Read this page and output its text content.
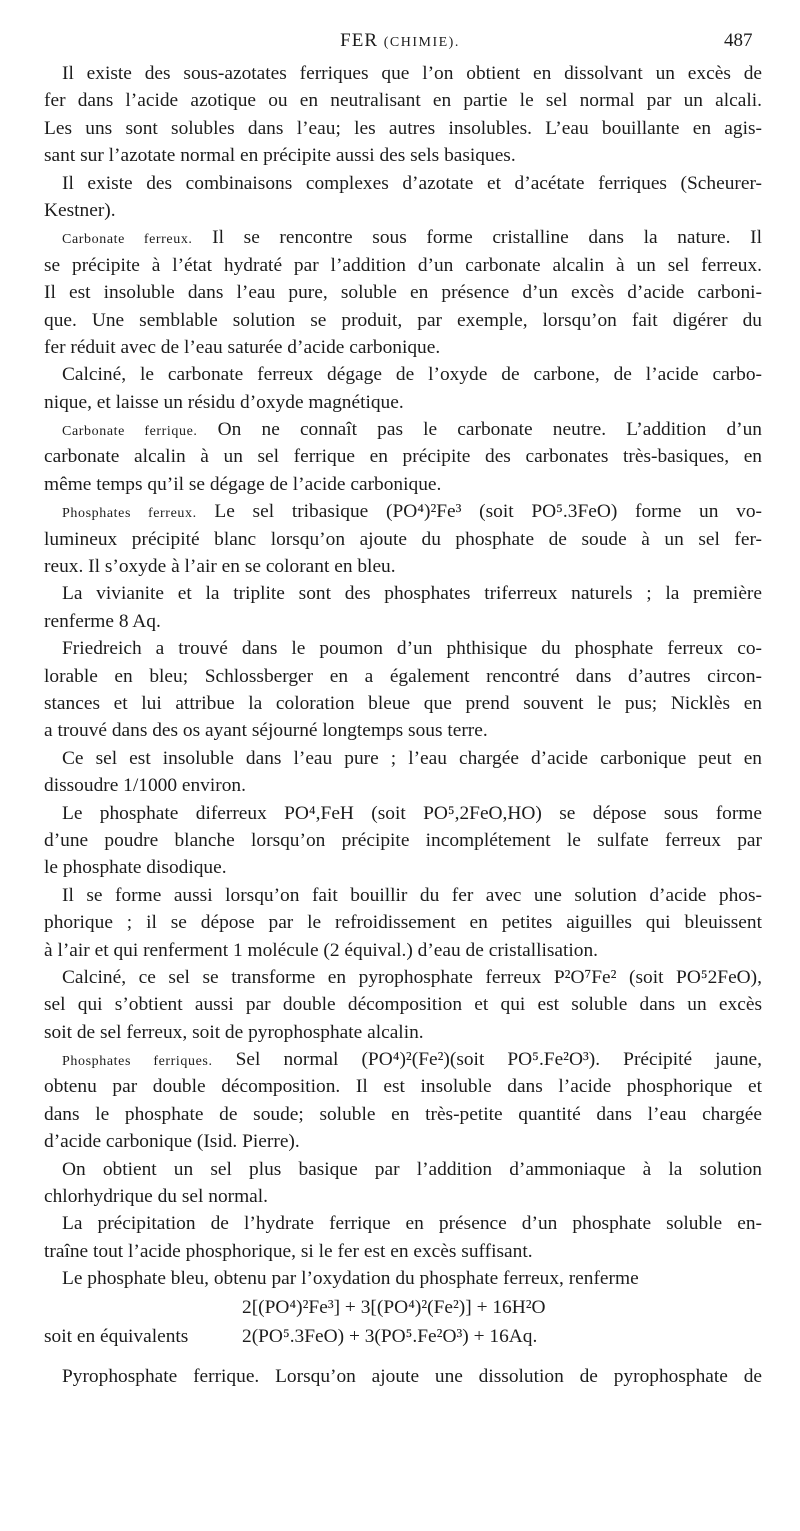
FER (CHIMIE).	487
Il existe des sous-azotates ferriques que l’on obtient en dissolvant un excès de
fer dans l’acide azotique ou en neutralisant en partie le sel normal par un alcali.
Les uns sont solubles dans l’eau; les autres insolubles. L’eau bouillante en agis-
sant sur l’azotate normal en précipite aussi des sels basiques.
Il existe des combinaisons complexes d’azotate et d’acétate ferriques (Scheurer-
Kestner).
Carbonate ferreux. Il se rencontre sous forme cristalline dans la nature. Il
se précipite à l’état hydraté par l’addition d’un carbonate alcalin à un sel ferreux.
Il est insoluble dans l’eau pure, soluble en présence d’un excès d’acide carboni-
que. Une semblable solution se produit, par exemple, lorsqu’on fait digérer du
fer réduit avec de l’eau saturée d’acide carbonique.
Calciné, le carbonate ferreux dégage de l’oxyde de carbone, de l’acide carbo-
nique, et laisse un résidu d’oxyde magnétique.
Carbonate ferrique. On ne connaît pas le carbonate neutre. L’addition d’un
carbonate alcalin à un sel ferrique en précipite des carbonates très-basiques, en
même temps qu’il se dégage de l’acide carbonique.
Phosphates ferreux. Le sel tribasique (PO⁴)²Fe³ (soit PO⁵.3FeO) forme un vo-
lumineux précipité blanc lorsqu’on ajoute du phosphate de soude à un sel fer-
reux. Il s’oxyde à l’air en se colorant en bleu.
La vivianite et la triplite sont des phosphates triferreux naturels ; la première
renferme 8 Aq.
Friedreich a trouvé dans le poumon d’un phthisique du phosphate ferreux co-
lorable en bleu; Schlossberger en a également rencontré dans d’autres circon-
stances et lui attribue la coloration bleue que prend souvent le pus; Nicklès en
a trouvé dans des os ayant séjourné longtemps sous terre.
Ce sel est insoluble dans l’eau pure ; l’eau chargée d’acide carbonique peut en
dissoudre 1/1000 environ.
Le phosphate diferreux PO⁴,FeH (soit PO⁵,2FeO,HO) se dépose sous forme
d’une poudre blanche lorsqu’on précipite incomplétement le sulfate ferreux par
le phosphate disodique.
Il se forme aussi lorsqu’on fait bouillir du fer avec une solution d’acide phos-
phorique ; il se dépose par le refroidissement en petites aiguilles qui bleuissent
à l’air et qui renferment 1 molécule (2 équival.) d’eau de cristallisation.
Calciné, ce sel se transforme en pyrophosphate ferreux P²O⁷Fe² (soit PO⁵2FeO),
sel qui s’obtient aussi par double décomposition et qui est soluble dans un excès
soit de sel ferreux, soit de pyrophosphate alcalin.
Phosphates ferriques. Sel normal (PO⁴)²(Fe²)(soit PO⁵.Fe²O³). Précipité jaune,
obtenu par double décomposition. Il est insoluble dans l’acide phosphorique et
dans le phosphate de soude; soluble en très-petite quantité dans l’eau chargée
d’acide carbonique (Isid. Pierre).
On obtient un sel plus basique par l’addition d’ammoniaque à la solution
chlorhydrique du sel normal.
La précipitation de l’hydrate ferrique en présence d’un phosphate soluble en-
traîne tout l’acide phosphorique, si le fer est en excès suffisant.
Le phosphate bleu, obtenu par l’oxydation du phosphate ferreux, renferme
2[(PO⁴)²Fe³] + 3[(PO⁴)²(Fe²)] + 16H²O
soit en équivalents	2(PO⁵.3FeO) + 3(PO⁵.Fe²O³) + 16Aq.
Pyrophosphate ferrique. Lorsqu’on ajoute une dissolution de pyrophosphate de
